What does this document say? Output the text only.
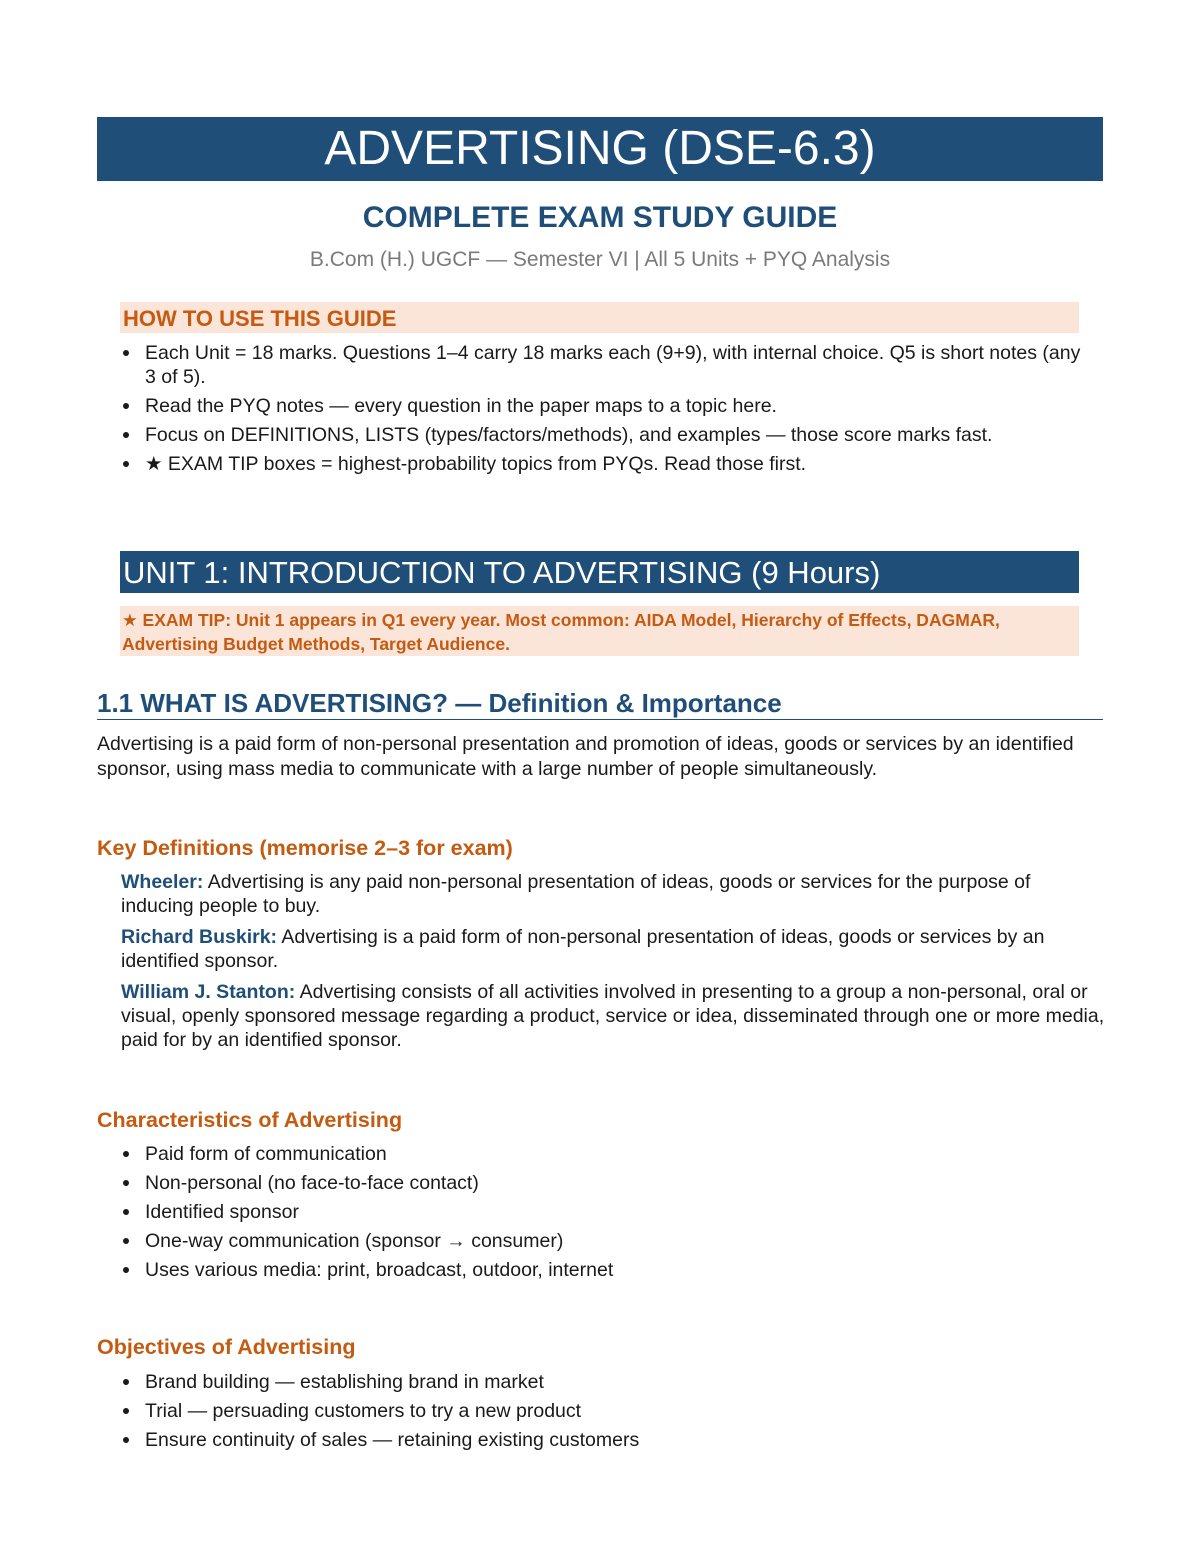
ADVERTISING (DSE-6.3)
COMPLETE EXAM STUDY GUIDE
B.Com (H.) UGCF — Semester VI | All 5 Units + PYQ Analysis
HOW TO USE THIS GUIDE
Each Unit = 18 marks. Questions 1–4 carry 18 marks each (9+9), with internal choice. Q5 is short notes (any 3 of 5).
Read the PYQ notes — every question in the paper maps to a topic here.
Focus on DEFINITIONS, LISTS (types/factors/methods), and examples — those score marks fast.
★ EXAM TIP boxes = highest-probability topics from PYQs. Read those first.
UNIT 1: INTRODUCTION TO ADVERTISING (9 Hours)
★ EXAM TIP: Unit 1 appears in Q1 every year. Most common: AIDA Model, Hierarchy of Effects, DAGMAR, Advertising Budget Methods, Target Audience.
1.1 WHAT IS ADVERTISING? — Definition & Importance
Advertising is a paid form of non-personal presentation and promotion of ideas, goods or services by an identified sponsor, using mass media to communicate with a large number of people simultaneously.
Key Definitions (memorise 2–3 for exam)
Wheeler: Advertising is any paid non-personal presentation of ideas, goods or services for the purpose of inducing people to buy.
Richard Buskirk: Advertising is a paid form of non-personal presentation of ideas, goods or services by an identified sponsor.
William J. Stanton: Advertising consists of all activities involved in presenting to a group a non-personal, oral or visual, openly sponsored message regarding a product, service or idea, disseminated through one or more media, paid for by an identified sponsor.
Characteristics of Advertising
Paid form of communication
Non-personal (no face-to-face contact)
Identified sponsor
One-way communication (sponsor → consumer)
Uses various media: print, broadcast, outdoor, internet
Objectives of Advertising
Brand building — establishing brand in market
Trial — persuading customers to try a new product
Ensure continuity of sales — retaining existing customers
